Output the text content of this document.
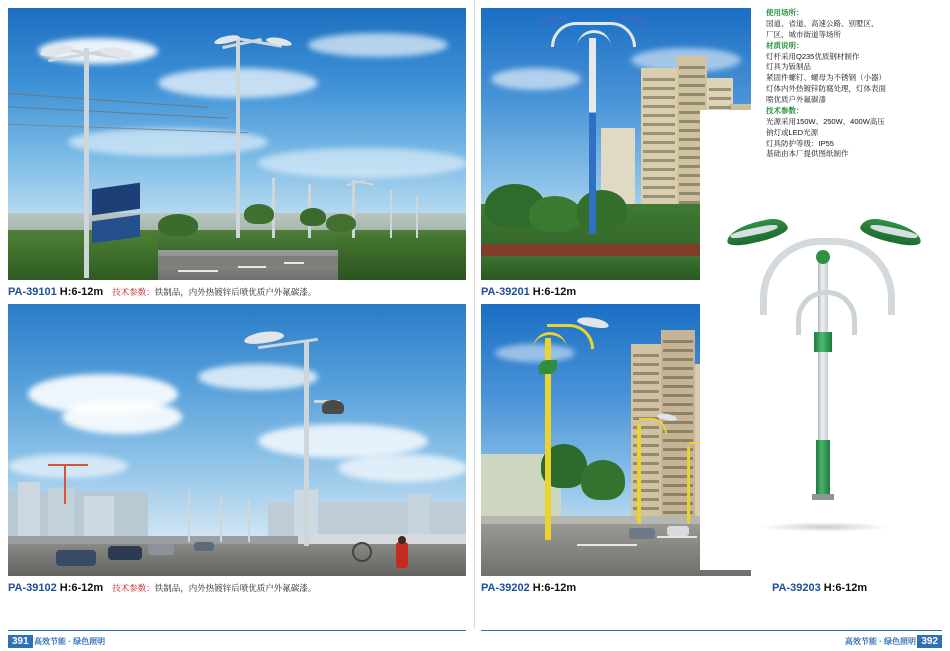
PA-39101 H:6-12m 技术参数：铁制品，内外热镀锌后喷优质户外氟碳漆。
PA-39102 H:6-12m 技术参数：铁制品，内外热镀锌后喷优质户外氟碳漆。
PA-39201 H:6-12m
PA-39202 H:6-12m	PA-39203 H:6-12m
使用场所：
国道、省道、高速公路、别墅区、
厂区、城市街道等场所
材质说明：
灯杆采用Q235优质钢材制作
灯具为钣制品
紧固件螺钉、螺母为不锈钢（小器）
灯体内外热镀锌防腐处理，灯体表面
喷优质户外氟碳漆
技术参数：
光源采用150W、250W、400W高压
钠灯或LED光源
灯具防护等级：IP55
基础由本厂提供图纸制作
391 高效节能 · 绿色照明	高效节能 · 绿色照明 392
